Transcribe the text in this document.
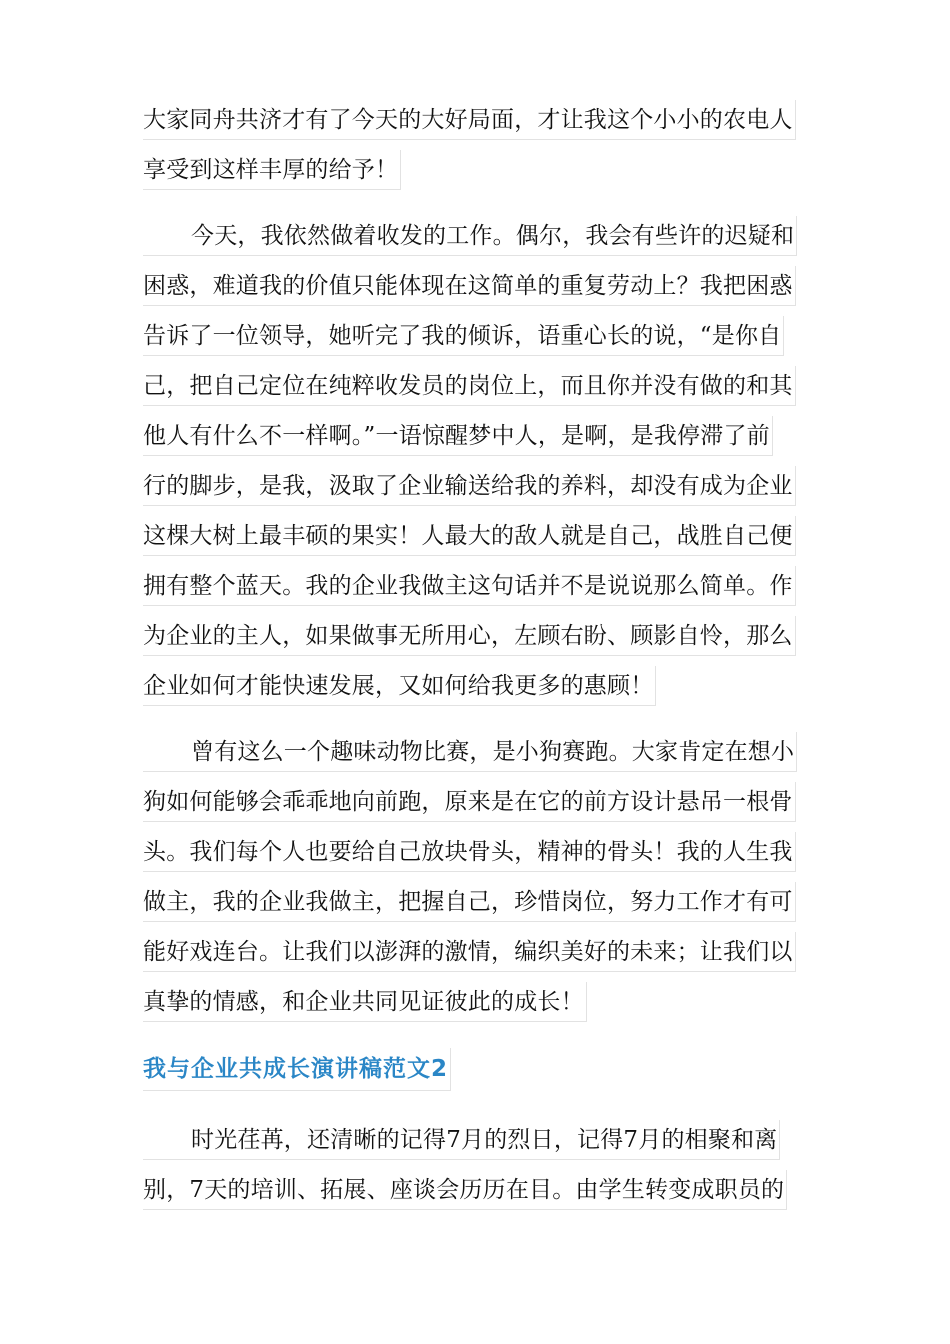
大家同舟共济才有了今天的大好局面，才让我这个小小的农电人
享受到这样丰厚的给予！
今天，我依然做着收发的工作。偶尔，我会有些许的迟疑和
困惑，难道我的价值只能体现在这简单的重复劳动上？我把困惑
告诉了一位领导，她听完了我的倾诉，语重心长的说，“是你自
己，把自己定位在纯粹收发员的岗位上，而且你并没有做的和其
他人有什么不一样啊。”一语惊醒梦中人，是啊，是我停滞了前
行的脚步，是我，汲取了企业输送给我的养料，却没有成为企业
这棵大树上最丰硕的果实！人最大的敌人就是自己，战胜自己便
拥有整个蓝天。我的企业我做主这句话并不是说说那么简单。作
为企业的主人，如果做事无所用心，左顾右盼、顾影自怜，那么
企业如何才能快速发展，又如何给我更多的惠顾！
曾有这么一个趣味动物比赛，是小狗赛跑。大家肯定在想小
狗如何能够会乖乖地向前跑，原来是在它的前方设计悬吊一根骨
头。我们每个人也要给自己放块骨头，精神的骨头！我的人生我
做主，我的企业我做主，把握自己，珍惜岗位，努力工作才有可
能好戏连台。让我们以澎湃的激情，编织美好的未来；让我们以
真挚的情感，和企业共同见证彼此的成长！
我与企业共成长演讲稿范文2
时光荏苒，还清晰的记得7月的烈日，记得7月的相聚和离
别，7天的培训、拓展、座谈会历历在目。由学生转变成职员的
